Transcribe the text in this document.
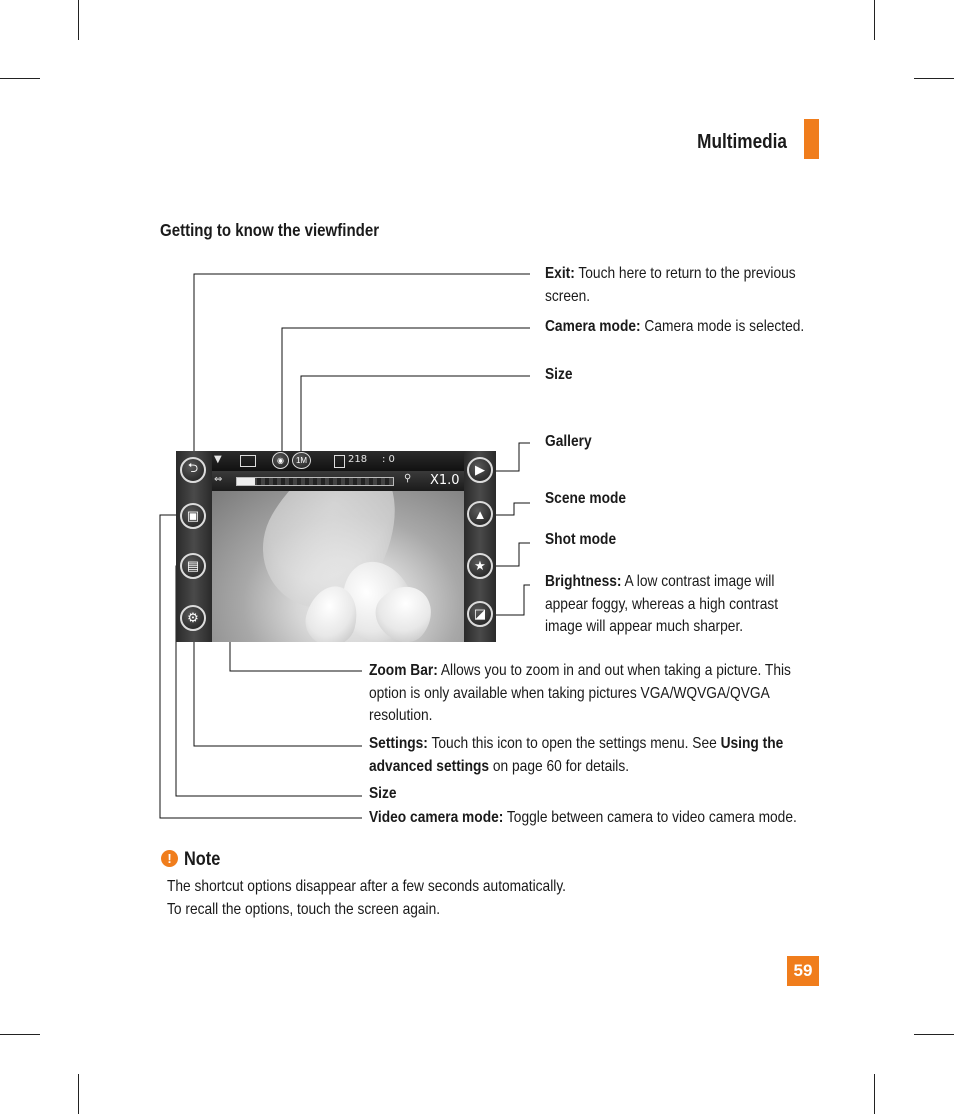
Multimedia
Getting to know the viewfinder
▼	◉	1M	218 : 0
⇔	⚲ X1.0
⮌
▣
▤
⚙
▶
▲
★
◪
Exit: Touch here to return to the previous screen.
Camera mode: Camera mode is selected.
Size
Gallery
Scene mode
Shot mode
Brightness: A low contrast image will appear foggy, whereas a high contrast image will appear much sharper.
Zoom Bar: Allows you to zoom in and out when taking a picture. This option is only available when taking pictures VGA/WQVGA/QVGA resolution.
Settings: Touch this icon to open the settings menu. See Using the advanced settings on page 60 for details.
Size
Video camera mode: Toggle between camera to video camera mode.
! Note
The shortcut options disappear after a few seconds automatically.
To recall the options, touch the screen again.
59
